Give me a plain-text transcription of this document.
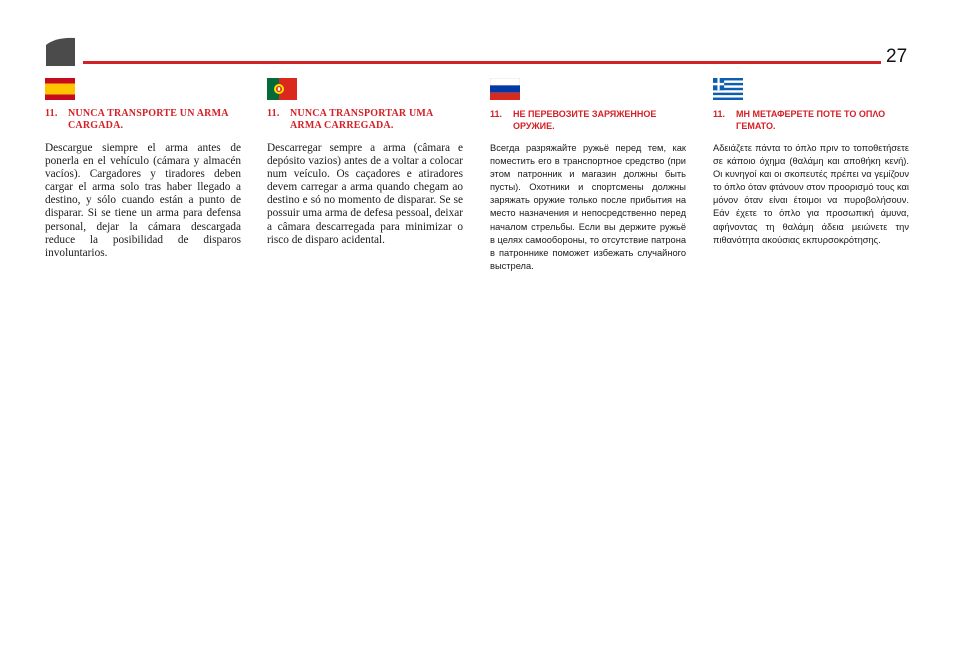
27
11.	NUNCA TRANSPORTE UN ARMA CARGADA.
Descargue siempre el arma antes de ponerla en el vehículo (cámara y almacén vacíos). Cargadores y tiradores deben cargar el arma solo tras haber llegado a destino, y sólo cuando están a punto de disparar. Si se tiene un arma para defensa personal, dejar la cámara descargada reduce la posibilidad de disparos involuntarios.
11.	NUNCA TRANSPORTAR UMA ARMA CARREGADA.
Descarregar sempre a arma (câmara e depósito vazios) antes de a voltar a colocar num veículo. Os caçadores e atiradores devem carregar a arma quando chegam ao destino e só no momento de disparar. Se se possuir uma arma de defesa pessoal, deixar a câmara descarregada para minimizar o risco de disparo acidental.
11.	НЕ ПЕРЕВОЗИТЕ ЗАРЯЖЕННОЕ ОРУЖИЕ.
Всегда разряжайте ружьё перед тем, как поместить его в транспортное средство (при этом патронник и магазин должны быть пусты). Охотники и спортсмены должны заряжать оружие только после прибытия на место назначения и непосредственно перед началом стрельбы. Если вы держите ружьё в целях самообороны, то отсутствие патрона в патроннике поможет избежать случайного выстрела.
11.	ΜΗ ΜΕΤΑΦΕΡΕΤΕ ΠΟΤΕ ΤΟ ΟΠΛΟ ΓΕΜΑΤΟ.
Αδειάζετε πάντα το όπλο πριν το τοποθετήσετε σε κάποιο όχημα (θαλάμη και αποθήκη κενή). Οι κυνηγοί και οι σκοπευτές πρέπει να γεμίζουν το όπλο όταν φτάνουν στον προορισμό τους και μόνον όταν είναι έτοιμοι να πυροβολήσουν. Εάν έχετε το όπλο για προσωπική άμυνα, αφήνοντας τη θαλάμη άδεια μειώνετε την πιθανότητα ακούσιας εκπυρσοκρότησης.
